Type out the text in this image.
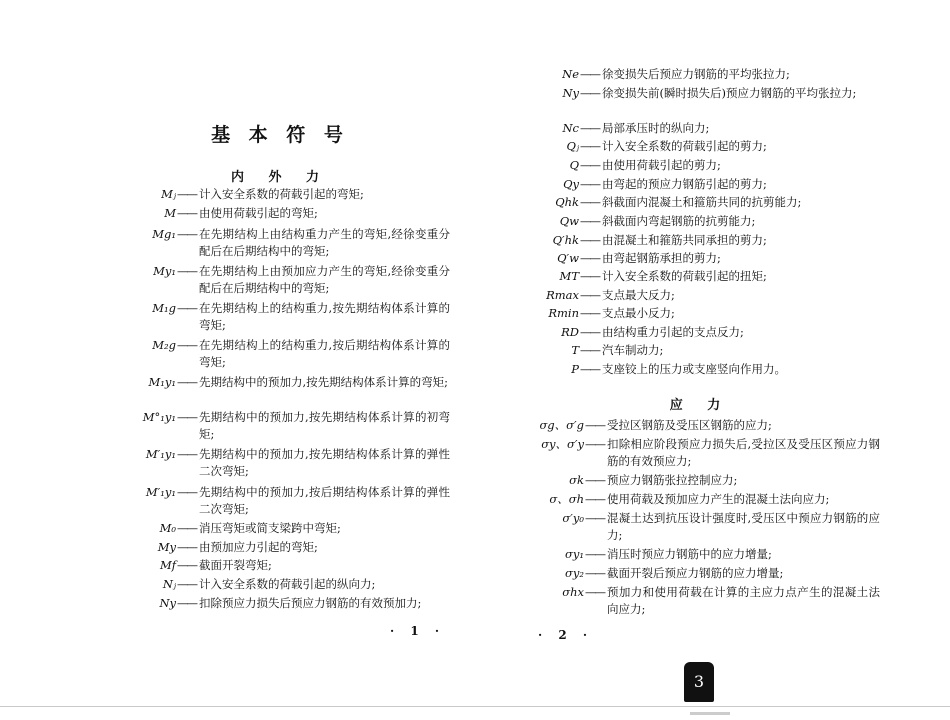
基 本 符 号
内 外 力
Mⱼ —— 计入安全系数的荷载引起的弯矩;
M —— 由使用荷载引起的弯矩;
Mg₁ —— 在先期结构上由结构重力产生的弯矩,经徐变重分配后在后期结构中的弯矩;
My₁ —— 在先期结构上由预加应力产生的弯矩,经徐变重分配后在后期结构中的弯矩;
M₁g —— 在先期结构上的结构重力,按先期结构体系计算的弯矩;
M₂g —— 在先期结构上的结构重力,按后期结构体系计算的弯矩;
M₁y₁ —— 先期结构中的预加力,按先期结构体系计算的弯矩;
M°₁y₁ —— 先期结构中的预加力,按先期结构体系计算的初弯矩;
M′₁y₁ —— 先期结构中的预加力,按先期结构体系计算的弹性二次弯矩;
M′₁y₁ —— 先期结构中的预加力,按后期结构体系计算的弹性二次弯矩;
M₀ —— 消压弯矩或简支梁跨中弯矩;
My —— 由预加应力引起的弯矩;
Mf —— 截面开裂弯矩;
Nⱼ —— 计入安全系数的荷载引起的纵向力;
Ny —— 扣除预应力损失后预应力钢筋的有效预加力;
· 1 ·
Ne —— 徐变损失后预应力钢筋的平均张拉力;
Ny —— 徐变损失前(瞬时损失后)预应力钢筋的平均张拉力;
Nc —— 局部承压时的纵向力;
Qⱼ —— 计入安全系数的荷载引起的剪力;
Q —— 由使用荷载引起的剪力;
Qy —— 由弯起的预应力钢筋引起的剪力;
Qhk —— 斜截面内混凝土和箍筋共同的抗剪能力;
Qw —— 斜截面内弯起钢筋的抗剪能力;
Q′hk —— 由混凝土和箍筋共同承担的剪力;
Q′w —— 由弯起钢筋承担的剪力;
MT —— 计入安全系数的荷载引起的扭矩;
Rmax —— 支点最大反力;
Rmin —— 支点最小反力;
RD —— 由结构重力引起的支点反力;
T —— 汽车制动力;
P —— 支座铰上的压力或支座竖向作用力。
应 力
σg、σ′g —— 受拉区钢筋及受压区钢筋的应力;
σy、σ′y —— 扣除相应阶段预应力损失后,受拉区及受压区预应力钢筋的有效预应力;
σk —— 预应力钢筋张拉控制应力;
σ、σh —— 使用荷载及预加应力产生的混凝土法向应力;
σ′y₀ —— 混凝土达到抗压设计强度时,受压区中预应力钢筋的应力;
σy₁ —— 消压时预应力钢筋中的应力增量;
σy₂ —— 截面开裂后预应力钢筋的应力增量;
σhx —— 预加力和使用荷载在计算的主应力点产生的混凝土法向应力;
· 2 ·
3
